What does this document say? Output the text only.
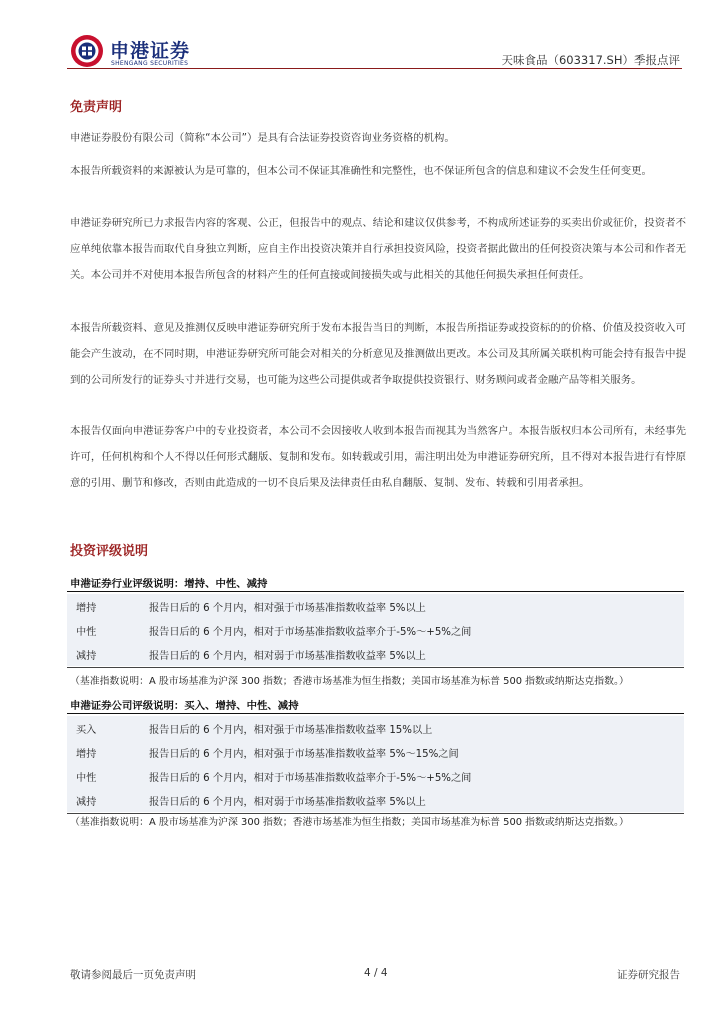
申港证券
SHENGANG SECURITIES	天味食品（603317.SH）季报点评
免责声明
申港证券股份有限公司（简称“本公司”）是具有合法证券投资咨询业务资格的机构。
本报告所载资料的来源被认为是可靠的，但本公司不保证其准确性和完整性，也不保证所包含的信息和建议不会发生任何变更。
申港证券研究所已力求报告内容的客观、公正，但报告中的观点、结论和建议仅供参考，不构成所述证券的买卖出价或征价，投资者不应单纯依靠本报告而取代自身独立判断，应自主作出投资决策并自行承担投资风险，投资者据此做出的任何投资决策与本公司和作者无关。本公司并不对使用本报告所包含的材料产生的任何直接或间接损失或与此相关的其他任何损失承担任何责任。
本报告所载资料、意见及推测仅反映申港证券研究所于发布本报告当日的判断，本报告所指证券或投资标的的价格、价值及投资收入可能会产生波动，在不同时期，申港证券研究所可能会对相关的分析意见及推测做出更改。本公司及其所属关联机构可能会持有报告中提到的公司所发行的证券头寸并进行交易，也可能为这些公司提供或者争取提供投资银行、财务顾问或者金融产品等相关服务。
本报告仅面向申港证券客户中的专业投资者，本公司不会因接收人收到本报告而视其为当然客户。本报告版权归本公司所有，未经事先许可，任何机构和个人不得以任何形式翻版、复制和发布。如转载或引用，需注明出处为申港证券研究所，且不得对本报告进行有悖原意的引用、删节和修改，否则由此造成的一切不良后果及法律责任由私自翻版、复制、发布、转载和引用者承担。
投资评级说明
申港证券行业评级说明：增持、中性、减持
增持	报告日后的 6 个月内，相对强于市场基准指数收益率 5%以上
中性	报告日后的 6 个月内，相对于市场基准指数收益率介于-5%～+5%之间
减持	报告日后的 6 个月内，相对弱于市场基准指数收益率 5%以上
（基准指数说明：A 股市场基准为沪深 300 指数；香港市场基准为恒生指数；美国市场基准为标普 500 指数或纳斯达克指数。）
申港证券公司评级说明：买入、增持、中性、减持
买入	报告日后的 6 个月内，相对强于市场基准指数收益率 15%以上
增持	报告日后的 6 个月内，相对强于市场基准指数收益率 5%～15%之间
中性	报告日后的 6 个月内，相对于市场基准指数收益率介于-5%～+5%之间
减持	报告日后的 6 个月内，相对弱于市场基准指数收益率 5%以上
（基准指数说明：A 股市场基准为沪深 300 指数；香港市场基准为恒生指数；美国市场基准为标普 500 指数或纳斯达克指数。）
敬请参阅最后一页免责声明	4 / 4	证券研究报告
